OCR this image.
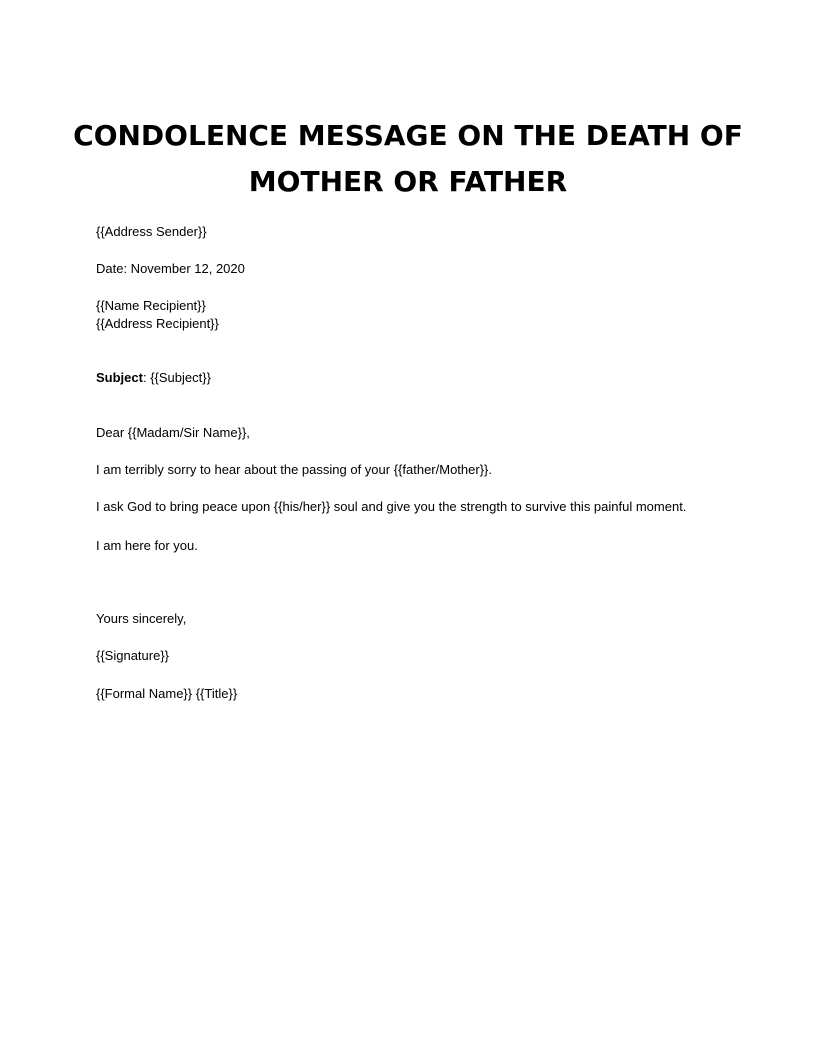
CONDOLENCE MESSAGE ON THE DEATH OF
MOTHER OR FATHER
{{Address Sender}}
Date: November 12, 2020
{{Name Recipient}}
{{Address Recipient}}
Subject: {{Subject}}
Dear {{Madam/Sir Name}},
I am terribly sorry to hear about the passing of your {{father/Mother}}.
I ask God to bring peace upon {{his/her}} soul and give you the strength to survive this painful moment.
I am here for you.
Yours sincerely,
{{Signature}}
{{Formal Name}} {{Title}}
